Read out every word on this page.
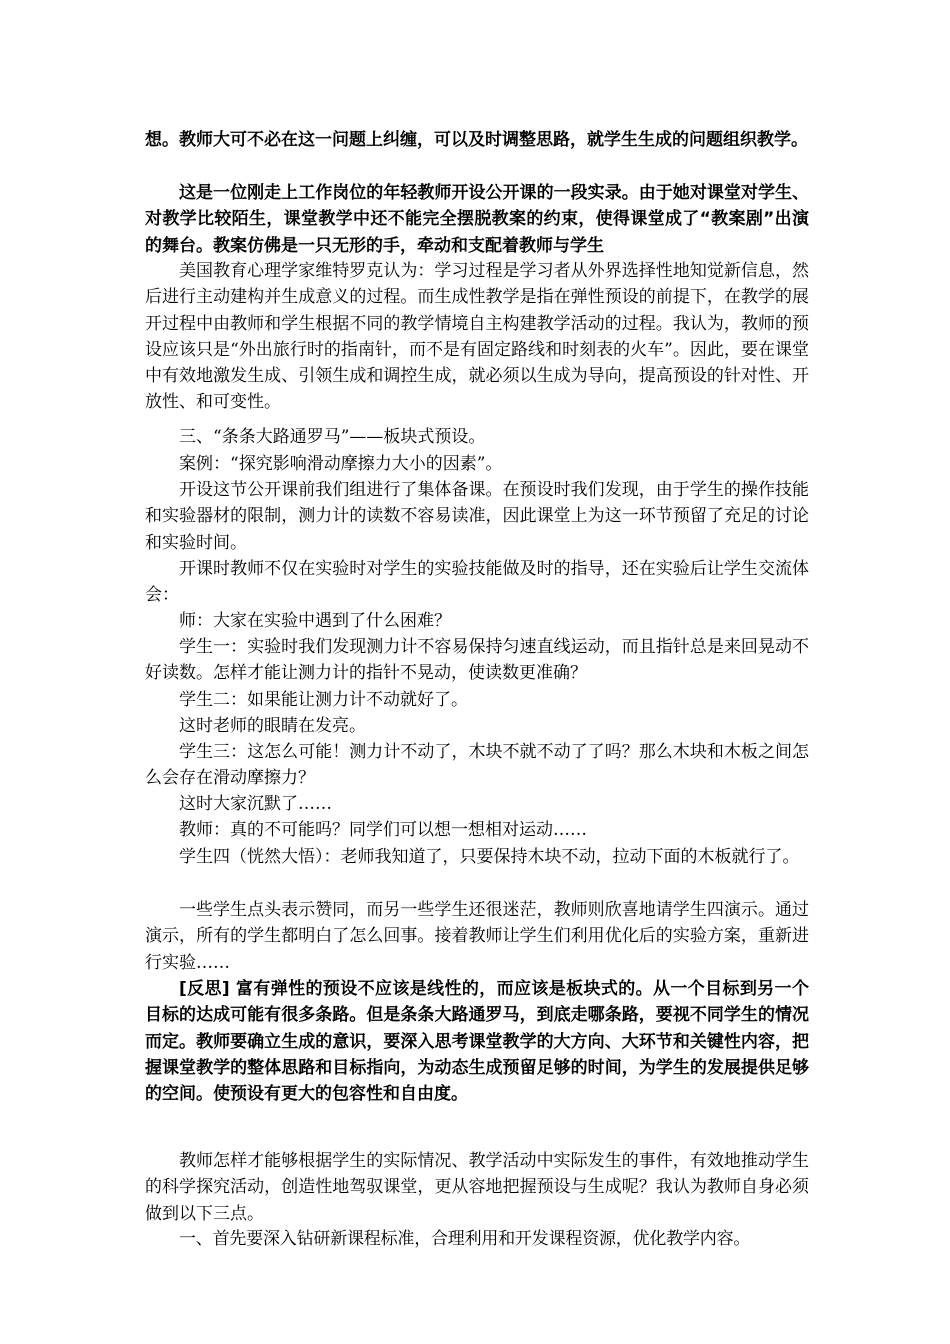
想。教师大可不必在这一问题上纠缠，可以及时调整思路，就学生生成的问题组织教学。

这是一位刚走上工作岗位的年轻教师开设公开课的一段实录。由于她对课堂对学生、对教学比较陌生，课堂教学中还不能完全摆脱教案的约束，使得课堂成了“教案剧”出演的舞台。教案仿佛是一只无形的手，牵动和支配着教师与学生

美国教育心理学家维特罗克认为：学习过程是学习者从外界选择性地知觉新信息，然后进行主动建构并生成意义的过程。而生成性教学是指在弹性预设的前提下，在教学的展开过程中由教师和学生根据不同的教学情境自主构建教学活动的过程。我认为，教师的预设应该只是“外出旅行时的指南针，而不是有固定路线和时刻表的火车”。因此，要在课堂中有效地激发生成、引领生成和调控生成，就必须以生成为导向，提高预设的针对性、开放性、和可变性。

三、“条条大路通罗马”——板块式预设。

案例：“探究影响滑动摩擦力大小的因素”。

开设这节公开课前我们组进行了集体备课。在预设时我们发现，由于学生的操作技能和实验器材的限制，测力计的读数不容易读准，因此课堂上为这一环节预留了充足的讨论和实验时间。

开课时教师不仅在实验时对学生的实验技能做及时的指导，还在实验后让学生交流体会：

师：大家在实验中遇到了什么困难？

学生一：实验时我们发现测力计不容易保持匀速直线运动，而且指针总是来回晃动不好读数。怎样才能让测力计的指针不晃动，使读数更准确？

学生二：如果能让测力计不动就好了。

这时老师的眼睛在发亮。

学生三：这怎么可能！测力计不动了，木块不就不动了了吗？那么木块和木板之间怎么会存在滑动摩擦力？

这时大家沉默了……

教师：真的不可能吗？同学们可以想一想相对运动……

学生四（恍然大悟）：老师我知道了，只要保持木块不动，拉动下面的木板就行了。

一些学生点头表示赞同，而另一些学生还很迷茫，教师则欣喜地请学生四演示。通过演示，所有的学生都明白了怎么回事。接着教师让学生们利用优化后的实验方案，重新进行实验……

[反思] 富有弹性的预设不应该是线性的，而应该是板块式的。从一个目标到另一个目标的达成可能有很多条路。但是条条大路通罗马，到底走哪条路，要视不同学生的情况而定。教师要确立生成的意识，要深入思考课堂教学的大方向、大环节和关键性内容，把握课堂教学的整体思路和目标指向，为动态生成预留足够的时间，为学生的发展提供足够的空间。使预设有更大的包容性和自由度。

教师怎样才能够根据学生的实际情况、教学活动中实际发生的事件，有效地推动学生的科学探究活动，创造性地驾驭课堂，更从容地把握预设与生成呢？我认为教师自身必须做到以下三点。

一、首先要深入钻研新课程标准，合理利用和开发课程资源，优化教学内容。
